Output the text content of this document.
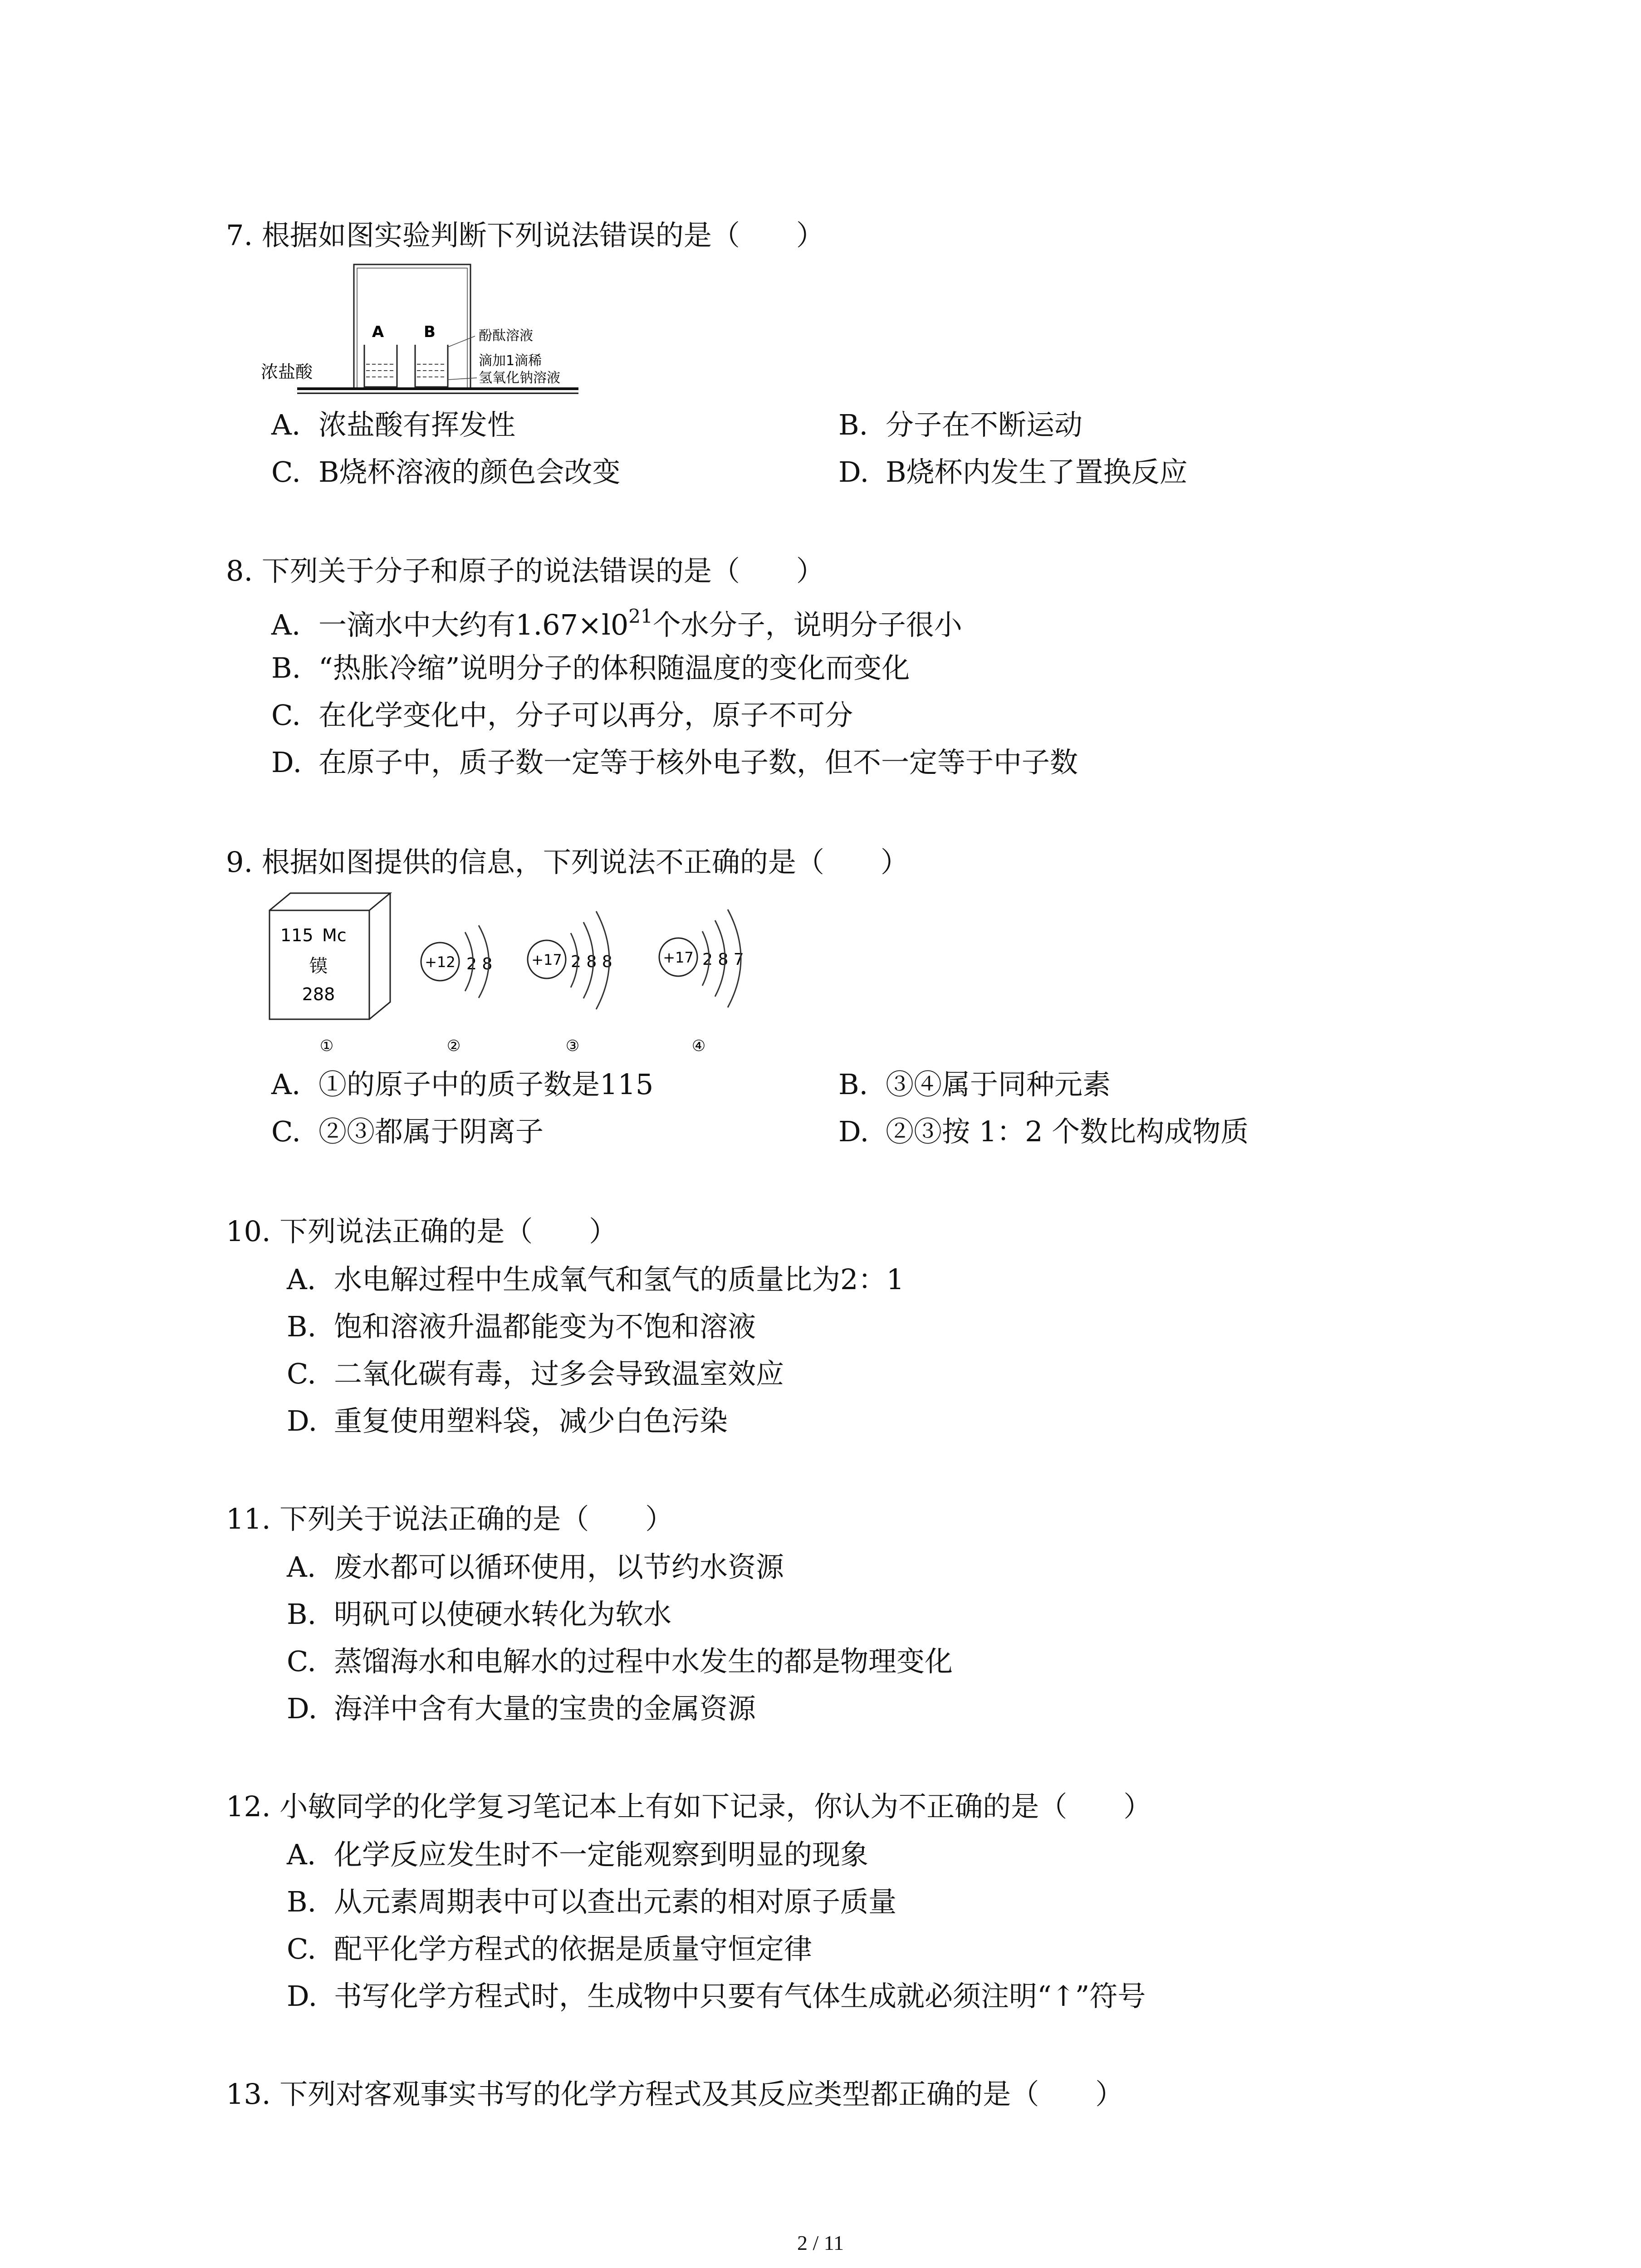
7. 根据如图实验判断下列说法错误的是（　　）
A	B
浓盐酸
酚酞溶液
滴加1滴稀
氢氧化钠溶液
A. 浓盐酸有挥发性	B. 分子在不断运动
C. B烧杯溶液的颜色会改变	D. B烧杯内发生了置换反应
8. 下列关于分子和原子的说法错误的是（　　）
A. 一滴水中大约有$1.67\times l0^{21}$个水分子，说明分子很小
B. “热胀冷缩”说明分子的体积随温度的变化而变化
C. 在化学变化中，分子可以再分，原子不可分
D. 在原子中，质子数一定等于核外电子数，但不一定等于中子数
9. 根据如图提供的信息，下列说法不正确的是（　　）
115 Mc
镆
288
+12 2 8	+17 2 8 8	+17 2 8 7
①	②	③	④
A. ①的原子中的质子数是115	B. ③④属于同种元素
C. ②③都属于阴离子	D. ②③按 1：2 个数比构成物质
10. 下列说法正确的是（　　）
A. 水电解过程中生成氧气和氢气的质量比为2：1
B. 饱和溶液升温都能变为不饱和溶液
C. 二氧化碳有毒，过多会导致温室效应
D. 重复使用塑料袋，减少白色污染
11. 下列关于说法正确的是（　　）
A. 废水都可以循环使用，以节约水资源
B. 明矾可以使硬水转化为软水
C. 蒸馏海水和电解水的过程中水发生的都是物理变化
D. 海洋中含有大量的宝贵的金属资源
12. 小敏同学的化学复习笔记本上有如下记录，你认为不正确的是（　　）
A. 化学反应发生时不一定能观察到明显的现象
B. 从元素周期表中可以查出元素的相对原子质量
C. 配平化学方程式的依据是质量守恒定律
D. 书写化学方程式时，生成物中只要有气体生成就必须注明“↑”符号
13. 下列对客观事实书写的化学方程式及其反应类型都正确的是（　　）
2 / 11
